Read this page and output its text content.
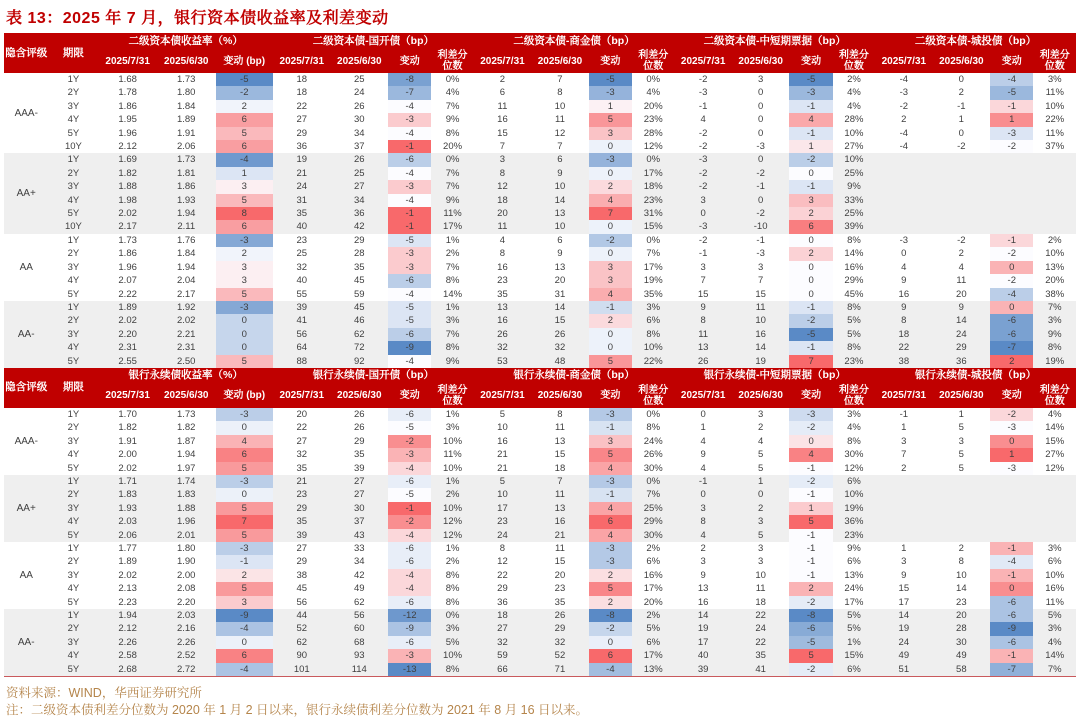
表 13：2025 年 7 月，银行资本债收益率及利差变动
隐含评级	期限	二级资本债收益率（%）			二级资本债-国开债（bp）				二级资本债-商金债（bp）				二级资本债-中短期票据（bp）				二级资本债-城投债（bp）			
		2025/7/31	2025/6/30	变动 (bp)	2025/7/31	2025/6/30	变动	利差分 位数	2025/7/31	2025/6/30	变动	利差分 位数	2025/7/31	2025/6/30	变动	利差分 位数	2025/7/31	2025/6/30	变动	利差分 位数
AAA-	1Y	1.68	1.73	-5	18	25	-8	0%	2	7	-5	0%	-2	3	-5	2%	-4	0	-4	3%
	2Y	1.78	1.80	-2	18	24	-7	4%	6	8	-3	4%	-3	0	-3	4%	-3	2	-5	11%
	3Y	1.86	1.84	2	22	26	-4	7%	11	10	1	20%	-1	0	-1	4%	-2	-1	-1	10%
	4Y	1.95	1.89	6	27	30	-3	9%	16	11	5	23%	4	0	4	28%	2	1	1	22%
	5Y	1.96	1.91	5	29	34	-4	8%	15	12	3	28%	-2	0	-1	10%	-4	0	-3	11%
	10Y	2.12	2.06	6	36	37	-1	20%	7	7	0	12%	-2	-3	1	27%	-4	-2	-2	37%
AA+	1Y	1.69	1.73	-4	19	26	-6	0%	3	6	-3	0%	-3	0	-2	10%				
	2Y	1.82	1.81	1	21	25	-4	7%	8	9	0	17%	-2	-2	0	25%				
	3Y	1.88	1.86	3	24	27	-3	7%	12	10	2	18%	-2	-1	-1	9%				
	4Y	1.98	1.93	5	31	34	-4	9%	18	14	4	23%	3	0	3	33%				
	5Y	2.02	1.94	8	35	36	-1	11%	20	13	7	31%	0	-2	2	25%				
	10Y	2.17	2.11	6	40	42	-1	17%	11	10	0	15%	-3	-10	6	39%				
AA	1Y	1.73	1.76	-3	23	29	-5	1%	4	6	-2	0%	-2	-1	0	8%	-3	-2	-1	2%
	2Y	1.86	1.84	2	25	28	-3	2%	8	9	0	7%	-1	-3	2	14%	0	2	-2	10%
	3Y	1.96	1.94	3	32	35	-3	7%	16	13	3	17%	3	3	0	16%	4	4	0	13%
	4Y	2.07	2.04	3	40	45	-6	8%	23	20	3	19%	7	7	0	29%	9	11	-2	20%
	5Y	2.22	2.17	5	55	59	-4	14%	35	31	4	35%	15	15	0	45%	16	20	-4	38%
AA-	1Y	1.89	1.92	-3	39	45	-5	1%	13	14	-1	3%	9	11	-1	8%	9	9	0	7%
	2Y	2.02	2.02	0	41	46	-5	3%	16	15	2	6%	8	10	-2	5%	8	14	-6	3%
	3Y	2.20	2.21	0	56	62	-6	7%	26	26	0	8%	11	16	-5	5%	18	24	-6	9%
	4Y	2.31	2.31	0	64	72	-9	8%	32	32	0	10%	13	14	-1	8%	22	29	-7	8%
	5Y	2.55	2.50	5	88	92	-4	9%	53	48	5	22%	26	19	7	23%	38	36	2	19%
隐含评级	期限	银行永续债收益率（%）			银行永续债-国开债（bp）				银行永续债-商金债（bp）				银行永续债-中短期票据（bp）				银行永续债-城投债（bp）			
		2025/7/31	2025/6/30	变动 (bp)	2025/7/31	2025/6/30	变动	利差分 位数	2025/7/31	2025/6/30	变动	利差分 位数	2025/7/31	2025/6/30	变动	利差分 位数	2025/7/31	2025/6/30	变动	利差分 位数
AAA-	1Y	1.70	1.73	-3	20	26	-6	1%	5	8	-3	0%	0	3	-3	3%	-1	1	-2	4%
	2Y	1.82	1.82	0	22	26	-5	3%	10	11	-1	8%	1	2	-2	4%	1	5	-3	14%
	3Y	1.91	1.87	4	27	29	-2	10%	16	13	3	24%	4	4	0	8%	3	3	0	15%
	4Y	2.00	1.94	6	32	35	-3	11%	21	15	5	26%	9	5	4	30%	7	5	1	27%
	5Y	2.02	1.97	5	35	39	-4	10%	21	18	4	30%	4	5	-1	12%	2	5	-3	12%
AA+	1Y	1.71	1.74	-3	21	27	-6	1%	5	7	-3	0%	-1	1	-2	6%				
	2Y	1.83	1.83	0	23	27	-5	2%	10	11	-1	7%	0	0	-1	10%				
	3Y	1.93	1.88	5	29	30	-1	10%	17	13	4	25%	3	2	1	19%				
	4Y	2.03	1.96	7	35	37	-2	12%	23	16	6	29%	8	3	5	36%				
	5Y	2.06	2.01	5	39	43	-4	12%	24	21	4	30%	4	5	-1	23%				
AA	1Y	1.77	1.80	-3	27	33	-6	1%	8	11	-3	2%	2	3	-1	9%	1	2	-1	3%
	2Y	1.89	1.90	-1	29	34	-6	2%	12	15	-3	6%	3	3	-1	6%	3	8	-4	6%
	3Y	2.02	2.00	2	38	42	-4	8%	22	20	2	16%	9	10	-1	13%	9	10	-1	10%
	4Y	2.13	2.08	5	45	49	-4	8%	29	23	5	17%	13	11	2	24%	15	14	0	16%
	5Y	2.23	2.20	3	56	62	-6	8%	36	35	2	20%	16	18	-2	17%	17	23	-6	11%
AA-	1Y	1.94	2.03	-9	44	56	-12	0%	18	26	-8	2%	14	22	-8	5%	14	20	-6	5%
	2Y	2.12	2.16	-4	52	60	-9	3%	27	29	-2	5%	19	24	-6	5%	19	28	-9	3%
	3Y	2.26	2.26	0	62	68	-6	5%	32	32	0	6%	17	22	-5	1%	24	30	-6	4%
	4Y	2.58	2.52	6	90	93	-3	10%	59	52	6	17%	40	35	5	15%	49	49	-1	14%
	5Y	2.68	2.72	-4	101	114	-13	8%	66	71	-4	13%	39	41	-2	6%	51	58	-7	7%
资料来源：WIND，华西证券研究所
注：二级资本债利差分位数为 2020 年 1 月 2 日以来，银行永续债利差分位数为 2021 年 8 月 16 日以来。
